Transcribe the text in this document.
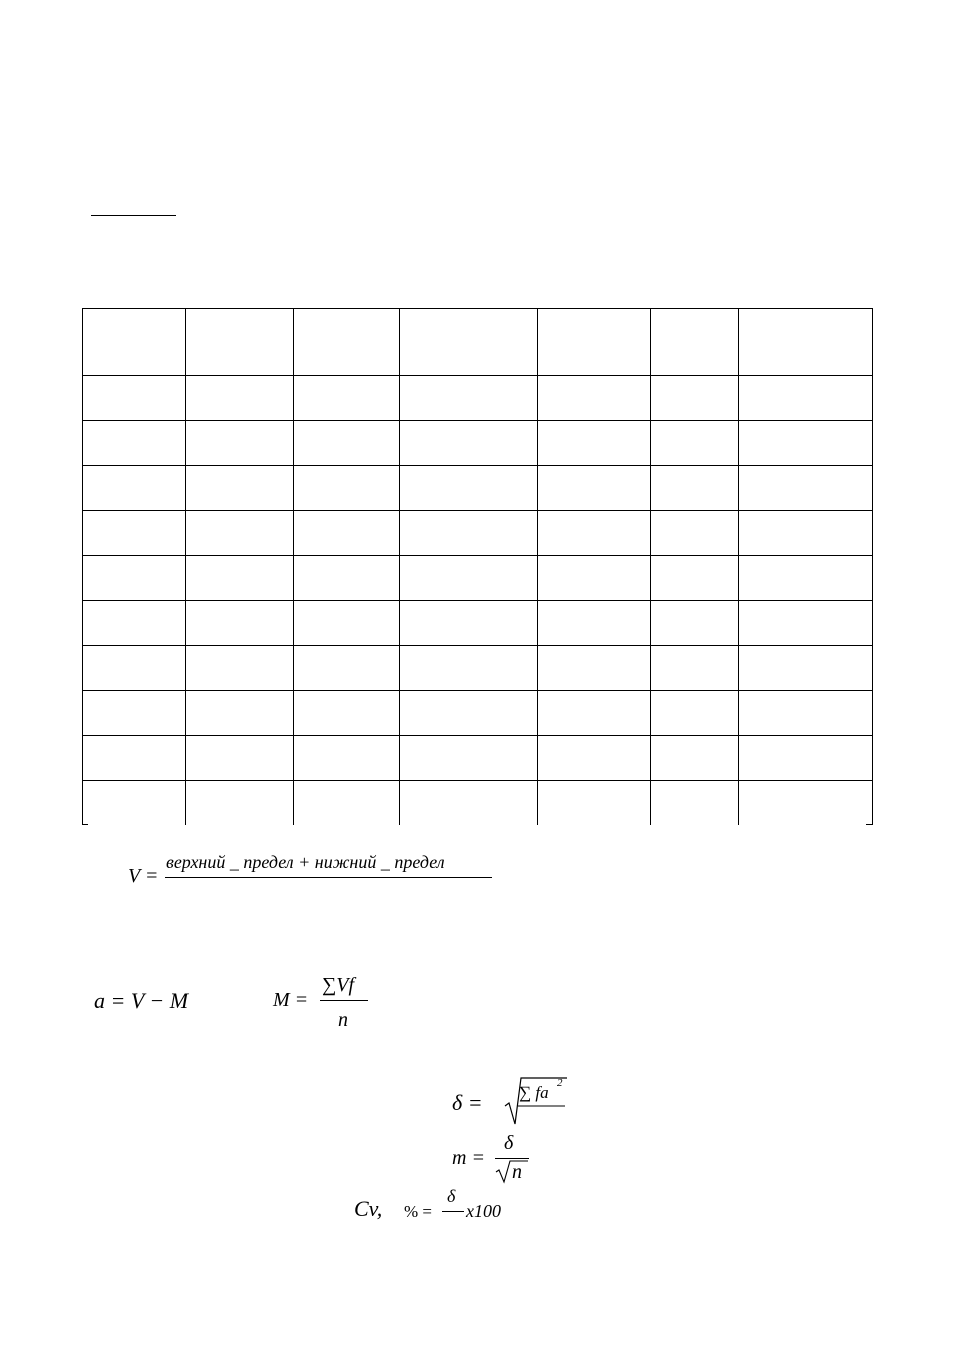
V =
верхний _ предел + нижний _ предел
a = V − M	M =
∑Vf
n
δ = ∑ fa 2
m =
δ
n
Cv, % =
δ
x100
